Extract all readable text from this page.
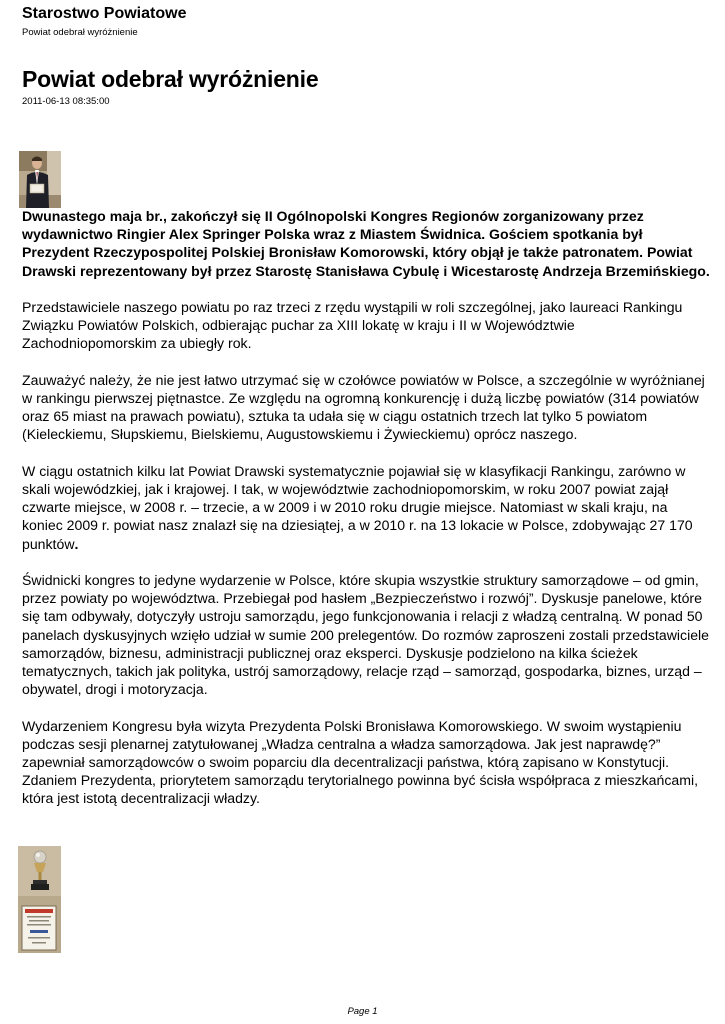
Starostwo Powiatowe
Powiat odebrał wyróżnienie
Powiat odebrał wyróżnienie
2011-06-13 08:35:00

Dwunastego maja br., zakończył się II Ogólnopolski Kongres Regionów zorganizowany przez wydawnictwo Ringier Alex Springer Polska wraz z Miastem Świdnica. Gościem spotkania był Prezydent Rzeczypospolitej Polskiej Bronisław Komorowski, który objął je także patronatem. Powiat Drawski reprezentowany był przez Starostę Stanisława Cybulę i Wicestarostę Andrzeja Brzemińskiego.

Przedstawiciele naszego powiatu po raz trzeci z rzędu wystąpili w roli szczególnej, jako laureaci Rankingu Związku Powiatów Polskich, odbierając puchar za XIII lokatę w kraju i II w Województwie Zachodniopomorskim za ubiegły rok.

Zauważyć należy, że nie jest łatwo utrzymać się w czołówce powiatów w Polsce, a szczególnie w wyróżnianej w rankingu pierwszej piętnastce. Ze względu na ogromną konkurencję i dużą liczbę powiatów (314 powiatów oraz 65 miast na prawach powiatu), sztuka ta udała się w ciągu ostatnich trzech lat tylko 5 powiatom (Kieleckiemu, Słupskiemu, Bielskiemu, Augustowskiemu i Żywieckiemu) oprócz naszego.

W ciągu ostatnich kilku lat Powiat Drawski systematycznie pojawiał się w klasyfikacji Rankingu, zarówno w skali wojewódzkiej, jak i krajowej. I tak, w województwie zachodniopomorskim, w roku 2007 powiat zajął czwarte miejsce, w 2008 r. – trzecie, a w 2009 i w 2010 roku drugie miejsce. Natomiast w skali kraju, na koniec 2009 r. powiat nasz znalazł się na dziesiątej, a w 2010 r. na 13 lokacie w Polsce, zdobywając 27 170 punktów.

Świdnicki kongres to jedyne wydarzenie w Polsce, które skupia wszystkie struktury samorządowe – od gmin, przez powiaty po województwa. Przebiegał pod hasłem „Bezpieczeństwo i rozwój”. Dyskusje panelowe, które się tam odbywały, dotyczyły ustroju samorządu, jego funkcjonowania i relacji z władzą centralną. W ponad 50 panelach dyskusyjnych wzięło udział w sumie 200 prelegentów. Do rozmów zaproszeni zostali przedstawiciele samorządów, biznesu, administracji publicznej oraz eksperci. Dyskusje podzielono na kilka ścieżek tematycznych, takich jak polityka, ustrój samorządowy, relacje rząd – samorząd, gospodarka, biznes, urząd – obywatel, drogi i motoryzacja.

Wydarzeniem Kongresu była wizyta Prezydenta Polski Bronisława Komorowskiego. W swoim wystąpieniu podczas sesji plenarnej zatytułowanej „Władza centralna a władza samorządowa. Jak jest naprawdę?” zapewniał samorządowców o swoim poparciu dla decentralizacji państwa, którą zapisano w Konstytucji. Zdaniem Prezydenta, priorytetem samorządu terytorialnego powinna być ścisła współpraca z mieszkańcami, która jest istotą decentralizacji władzy.

Page 1
